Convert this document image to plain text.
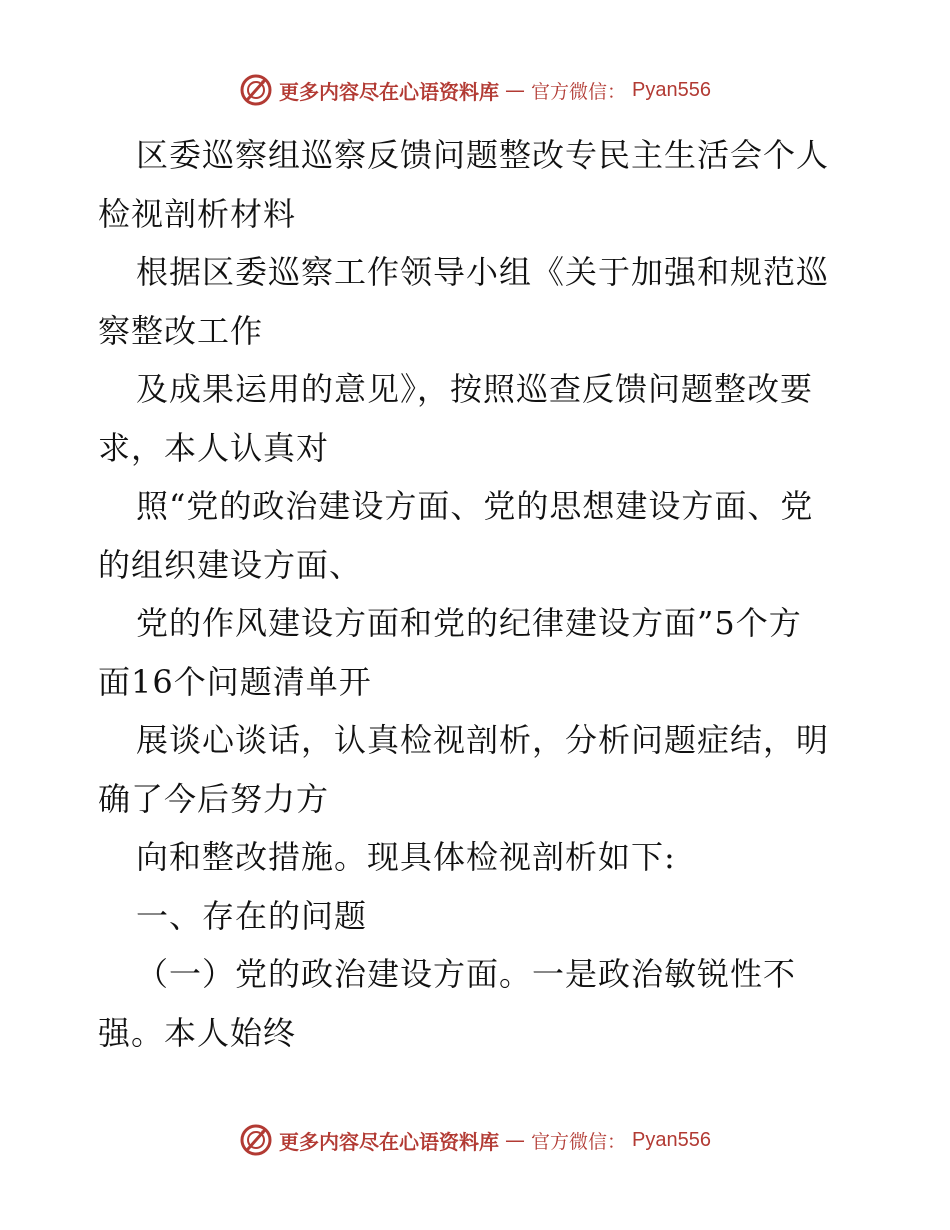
更多内容尽在心语资料库 — 官方微信： Pyan556
区委巡察组巡察反馈问题整改专民主生活会个人
检视剖析材料
根据区委巡察工作领导小组《关于加强和规范巡
察整改工作
及成果运用的意见》，按照巡查反馈问题整改要
求，本人认真对
照“党的政治建设方面、党的思想建设方面、党
的组织建设方面、
党的作风建设方面和党的纪律建设方面”5个方
面16个问题清单开
展谈心谈话，认真检视剖析，分析问题症结，明
确了今后努力方
向和整改措施。现具体检视剖析如下:
一、存在的问题
（一）党的政治建设方面。一是政治敏锐性不
强。本人始终
更多内容尽在心语资料库 — 官方微信： Pyan556
